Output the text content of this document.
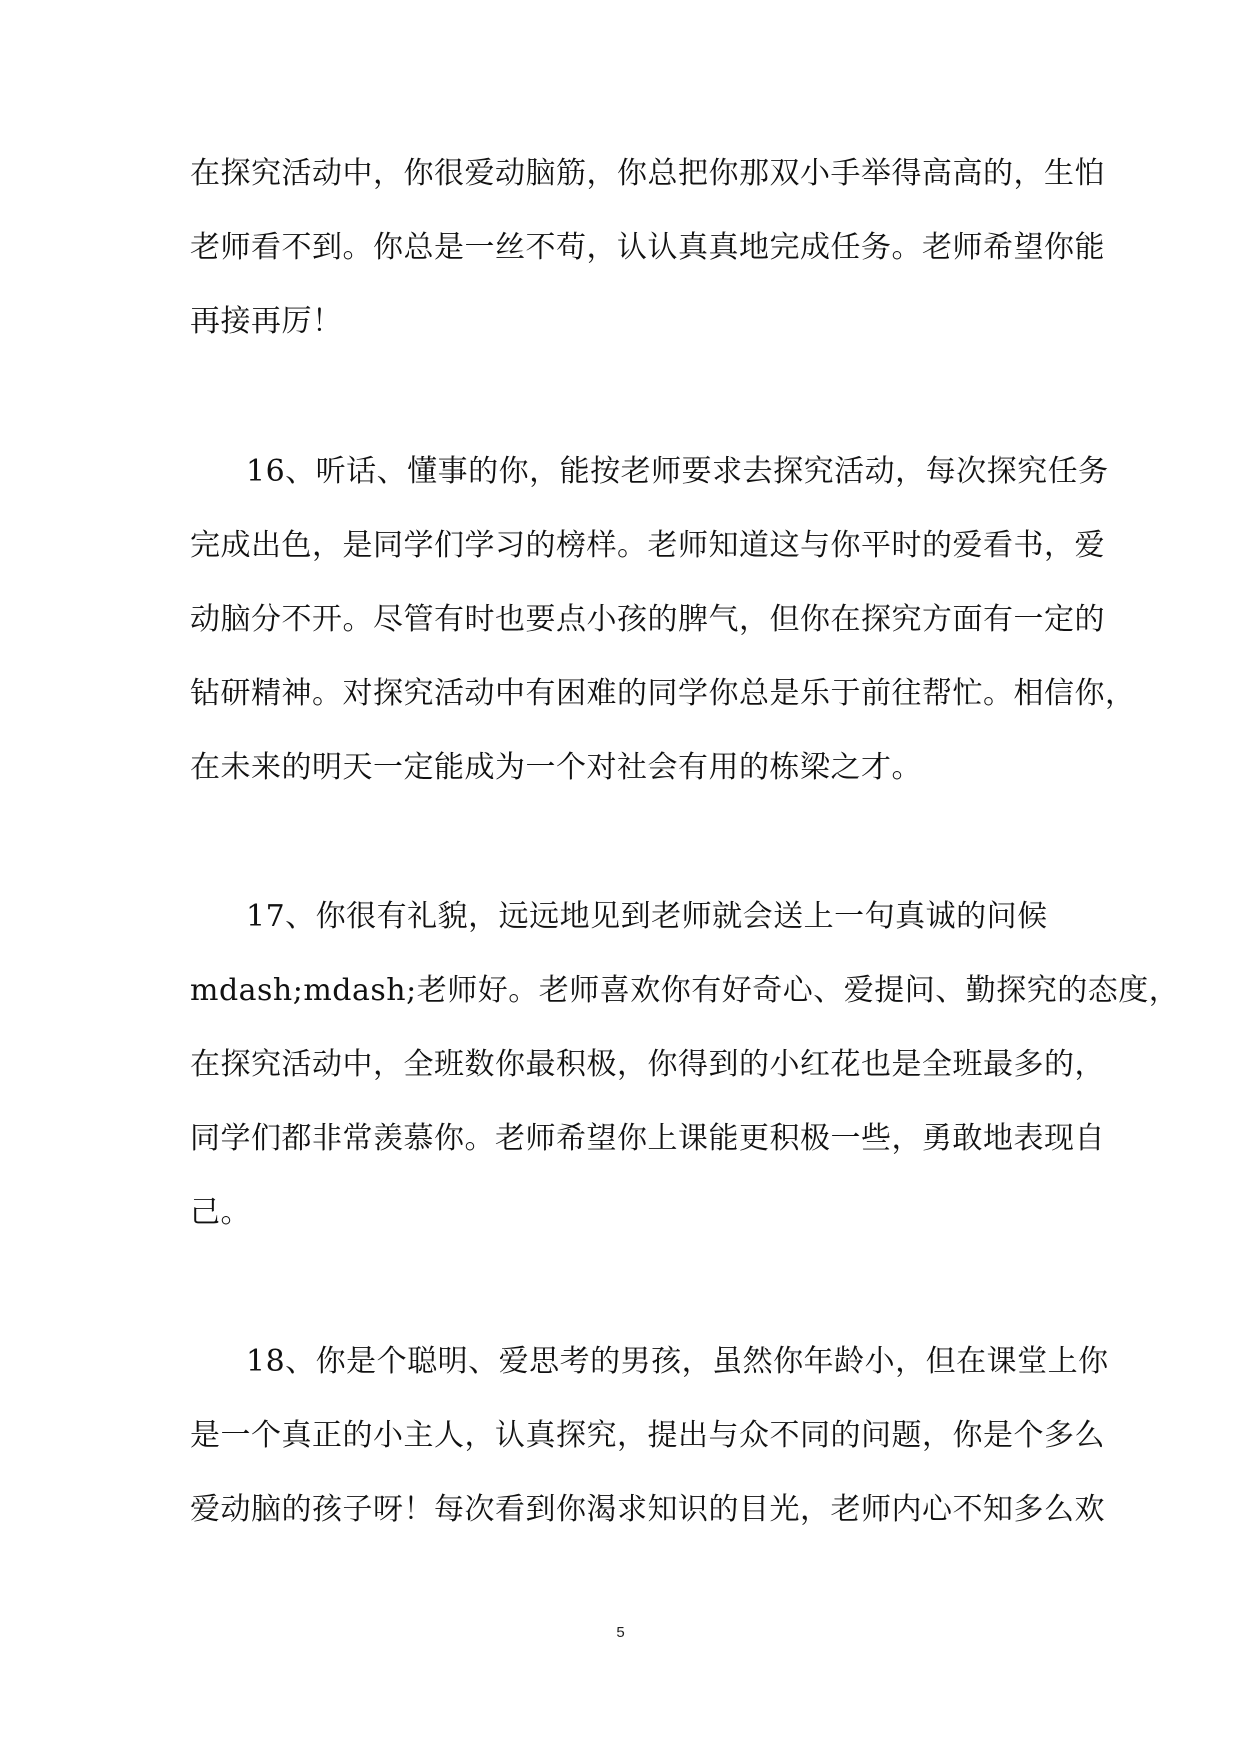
在探究活动中，你很爱动脑筋，你总把你那双小手举得高高的，生怕
老师看不到。你总是一丝不苟，认认真真地完成任务。老师希望你能
再接再厉！
16、听话、懂事的你，能按老师要求去探究活动，每次探究任务
完成出色，是同学们学习的榜样。老师知道这与你平时的爱看书，爱
动脑分不开。尽管有时也要点小孩的脾气，但你在探究方面有一定的
钻研精神。对探究活动中有困难的同学你总是乐于前往帮忙。相信你，
在未来的明天一定能成为一个对社会有用的栋梁之才。
17、你很有礼貌，远远地见到老师就会送上一句真诚的问候
mdash;mdash;老师好。老师喜欢你有好奇心、爱提问、勤探究的态度，
在探究活动中，全班数你最积极，你得到的小红花也是全班最多的，
同学们都非常羡慕你。老师希望你上课能更积极一些，勇敢地表现自
己。
18、你是个聪明、爱思考的男孩，虽然你年龄小，但在课堂上你
是一个真正的小主人，认真探究，提出与众不同的问题，你是个多么
爱动脑的孩子呀！每次看到你渴求知识的目光，老师内心不知多么欢
5
